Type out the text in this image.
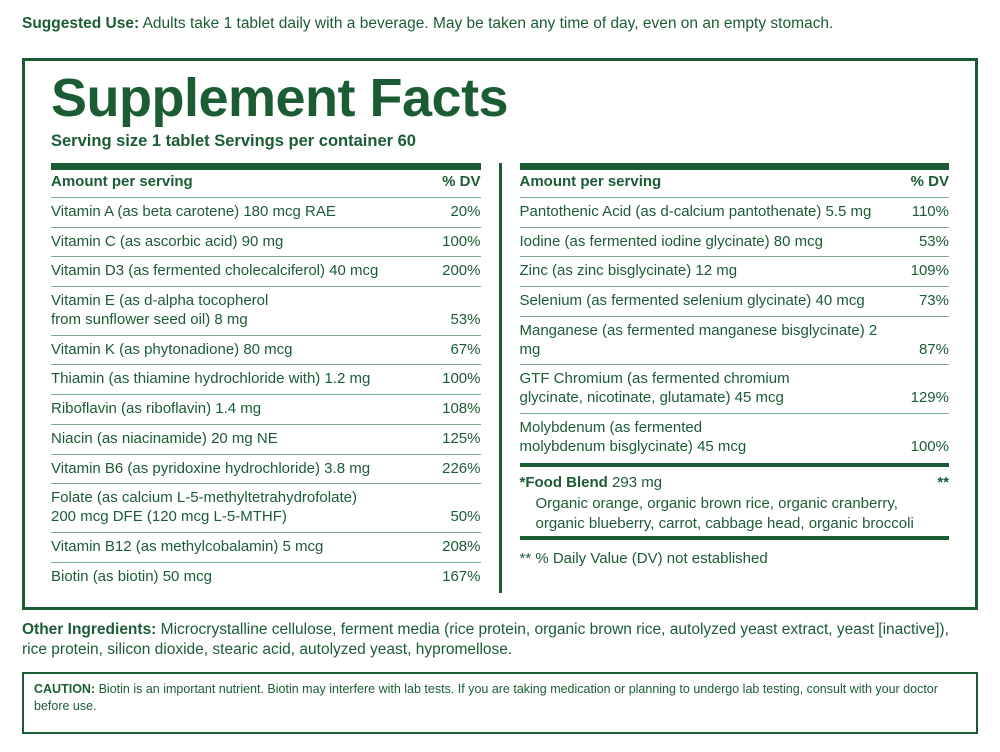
Suggested Use: Adults take 1 tablet daily with a beverage. May be taken any time of day, even on an empty stomach.
Supplement Facts
Serving size 1 tablet Servings per container 60
Amount per serving	% DV
Vitamin A (as beta carotene) 180 mcg RAE	20%
Vitamin C (as ascorbic acid) 90 mg	100%
Vitamin D3 (as fermented cholecalciferol) 40 mcg	200%
Vitamin E (as d-alpha tocopherol
from sunflower seed oil) 8 mg	53%
Vitamin K (as phytonadione) 80 mcg	67%
Thiamin (as thiamine hydrochloride with) 1.2 mg	100%
Riboflavin (as riboflavin) 1.4 mg	108%
Niacin (as niacinamide) 20 mg NE	125%
Vitamin B6 (as pyridoxine hydrochloride) 3.8 mg	226%
Folate (as calcium L-5-methyltetrahydrofolate)
200 mcg DFE (120 mcg L-5-MTHF)	50%
Vitamin B12 (as methylcobalamin) 5 mcg	208%
Biotin (as biotin) 50 mcg	167%
Amount per serving	% DV
Pantothenic Acid (as d-calcium pantothenate) 5.5 mg	110%
Iodine (as fermented iodine glycinate) 80 mcg	53%
Zinc (as zinc bisglycinate) 12 mg	109%
Selenium (as fermented selenium glycinate) 40 mcg	73%
Manganese (as fermented manganese bisglycinate) 2 mg	87%
GTF Chromium (as fermented chromium
glycinate, nicotinate, glutamate) 45 mcg	129%
Molybdenum (as fermented
molybdenum bisglycinate) 45 mcg	100%
*Food Blend 293 mg	**
Organic orange, organic brown rice, organic cranberry,
organic blueberry, carrot, cabbage head, organic broccoli
** % Daily Value (DV) not established
Other Ingredients: Microcrystalline cellulose, ferment media (rice protein, organic brown rice, autolyzed yeast extract, yeast [inactive]), rice protein, silicon dioxide, stearic acid, autolyzed yeast, hypromellose.
CAUTION: Biotin is an important nutrient. Biotin may interfere with lab tests. If you are taking medication or planning to undergo lab testing, consult with your doctor before use.
